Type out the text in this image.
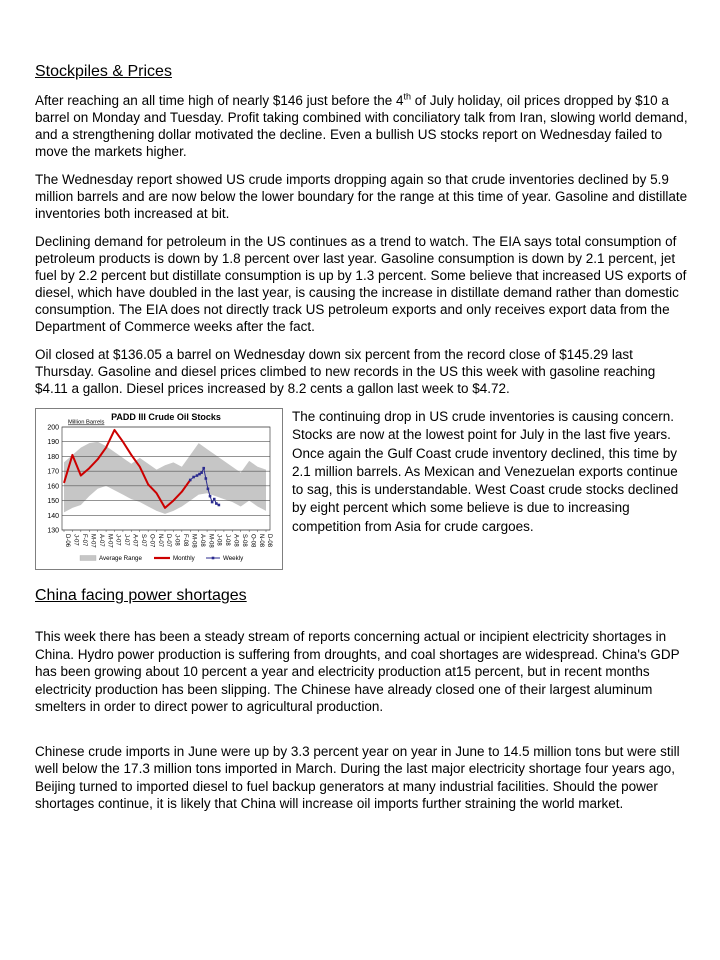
Stockpiles & Prices

After reaching an all time high of nearly $146 just before the 4th of July holiday, oil prices dropped by $10 a barrel on Monday and Tuesday. Profit taking combined with conciliatory talk from Iran, slowing world demand, and a strengthening dollar motivated the decline. Even a bullish US stocks report on Wednesday failed to move the markets higher.

The Wednesday report showed US crude imports dropping again so that crude inventories declined by 5.9 million barrels and are now below the lower boundary for the range at this time of year. Gasoline and distillate inventories both increased at bit.

Declining demand for petroleum in the US continues as a trend to watch. The EIA says total consumption of petroleum products is down by 1.8 percent over last year. Gasoline consumption is down by 2.1 percent, jet fuel by 2.2 percent but distillate consumption is up by 1.3 percent. Some believe that increased US exports of diesel, which have doubled in the last year, is causing the increase in distillate demand rather than domestic consumption. The EIA does not directly track US petroleum exports and only receives export data from the Department of Commerce weeks after the fact.

Oil closed at $136.05 a barrel on Wednesday down six percent from the record close of $145.29 last Thursday. Gasoline and diesel prices climbed to new records in the US this week with gasoline reaching $4.11 a gallon. Diesel prices increased by 8.2 cents a gallon last week to $4.72.

130
140
150
160
170
180
190
200
D-06 J-07 F-07 M-07 A-07 M-07 J-07 J-07 A-07 S-07 O-07 N-07 D-07 J-08 F-08 M-08 A-08 M-08 J-08 J-08 A-08 S-08 O-08 N-08 D-08
PADD III Crude Oil Stocks
Million Barrels
Average Range	Monthly	Weekly
The continuing drop in US crude inventories is causing concern. Stocks are now at the lowest point for July in the last five years. Once again the Gulf Coast crude inventory declined, this time by 2.1 million barrels. As Mexican and Venezuelan exports continue to sag, this is understandable. West Coast crude stocks declined by eight percent which some believe is due to increasing competition from Asia for crude cargoes.
China facing power shortages

This week there has been a steady stream of reports concerning actual or incipient electricity shortages in China. Hydro power production is suffering from droughts, and coal shortages are widespread. China's GDP has been growing about 10 percent a year and electricity production at15 percent, but in recent months electricity production has been slipping. The Chinese have already closed one of their largest aluminum smelters in order to direct power to agricultural production.

Chinese crude imports in June were up by 3.3 percent year on year in June to 14.5 million tons but were still well below the 17.3 million tons imported in March. During the last major electricity shortage four years ago, Beijing turned to imported diesel to fuel backup generators at many industrial facilities. Should the power shortages continue, it is likely that China will increase oil imports further straining the world market.
